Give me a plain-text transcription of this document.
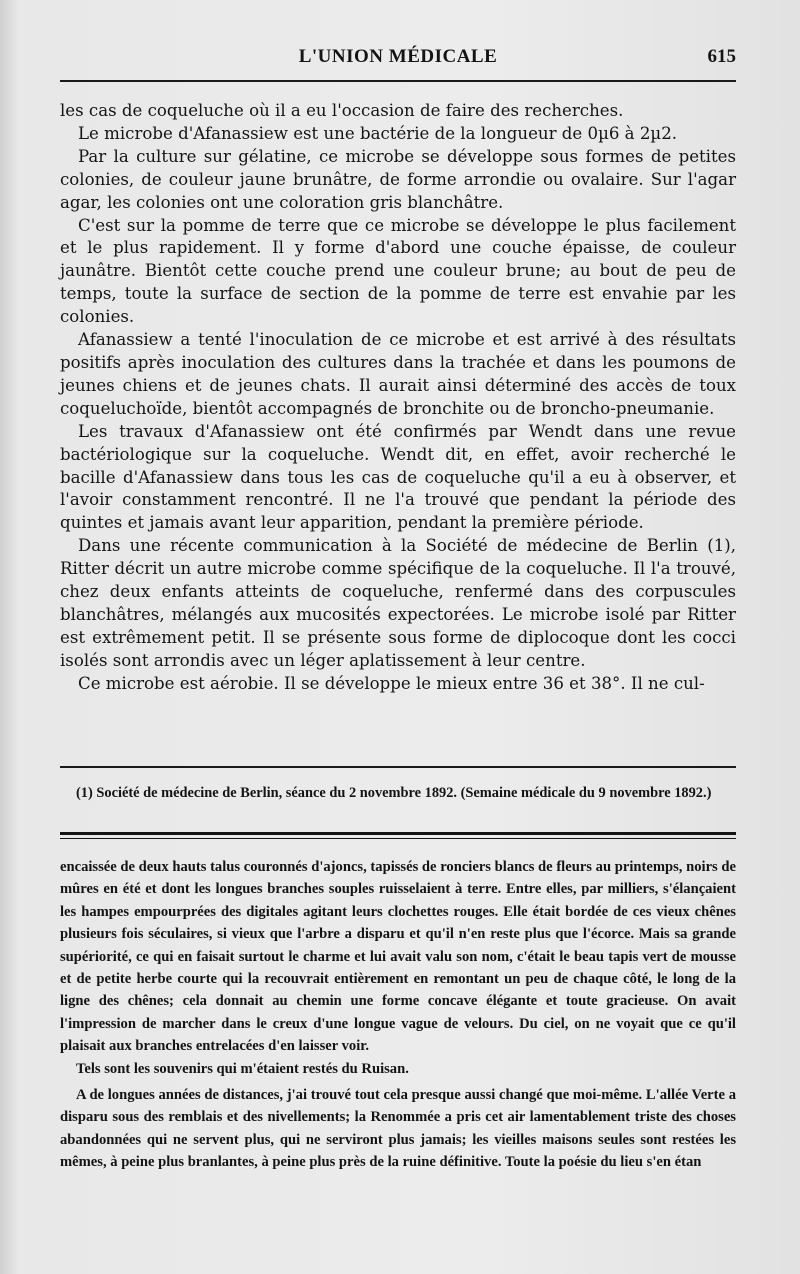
L'UNION MÉDICALE	615

les cas de coqueluche où il a eu l'occasion de faire des recherches.

Le microbe d'Afanassiew est une bactérie de la longueur de 0µ6 à 2µ2.

Par la culture sur gélatine, ce microbe se développe sous formes de petites colonies, de couleur jaune brunâtre, de forme arrondie ou ovalaire. Sur l'agar agar, les colonies ont une coloration gris blanchâtre.

C'est sur la pomme de terre que ce microbe se développe le plus facilement et le plus rapidement. Il y forme d'abord une couche épaisse, de couleur jaunâtre. Bientôt cette couche prend une couleur brune; au bout de peu de temps, toute la surface de section de la pomme de terre est envahie par les colonies.

Afanassiew a tenté l'inoculation de ce microbe et est arrivé à des résultats positifs après inoculation des cultures dans la trachée et dans les poumons de jeunes chiens et de jeunes chats. Il aurait ainsi déterminé des accès de toux coqueluchoïde, bientôt accompagnés de bronchite ou de broncho-pneumanie.

Les travaux d'Afanassiew ont été confirmés par Wendt dans une revue bactériologique sur la coqueluche. Wendt dit, en effet, avoir recherché le bacille d'Afanassiew dans tous les cas de coqueluche qu'il a eu à observer, et l'avoir constamment rencontré. Il ne l'a trouvé que pendant la période des quintes et jamais avant leur apparition, pendant la première période.

Dans une récente communication à la Société de médecine de Berlin (1), Ritter décrit un autre microbe comme spécifique de la coqueluche. Il l'a trouvé, chez deux enfants atteints de coqueluche, renfermé dans des corpuscules blanchâtres, mélangés aux mucosités expectorées. Le microbe isolé par Ritter est extrêmement petit. Il se présente sous forme de diplocoque dont les cocci isolés sont arrondis avec un léger aplatissement à leur centre.

Ce microbe est aérobie. Il se développe le mieux entre 36 et 38°. Il ne cul-

(1) Société de médecine de Berlin, séance du 2 novembre 1892. (Semaine médicale du 9 novembre 1892.)

encaissée de deux hauts talus couronnés d'ajoncs, tapissés de ronciers blancs de fleurs au printemps, noirs de mûres en été et dont les longues branches souples ruisselaient à terre. Entre elles, par milliers, s'élançaient les hampes empourprées des digitales agitant leurs clochettes rouges. Elle était bordée de ces vieux chênes plusieurs fois séculaires, si vieux que l'arbre a disparu et qu'il n'en reste plus que l'écorce. Mais sa grande supériorité, ce qui en faisait surtout le charme et lui avait valu son nom, c'était le beau tapis vert de mousse et de petite herbe courte qui la recouvrait entièrement en remontant un peu de chaque côté, le long de la ligne des chênes; cela donnait au chemin une forme concave élégante et toute gracieuse. On avait l'impression de marcher dans le creux d'une longue vague de velours. Du ciel, on ne voyait que ce qu'il plaisait aux branches entrelacées d'en laisser voir.

Tels sont les souvenirs qui m'étaient restés du Ruisan.

A de longues années de distances, j'ai trouvé tout cela presque aussi changé que moi-même. L'allée Verte a disparu sous des remblais et des nivellements; la Renommée a pris cet air lamentablement triste des choses abandonnées qui ne servent plus, qui ne serviront plus jamais; les vieilles maisons seules sont restées les mêmes, à peine plus branlantes, à peine plus près de la ruine définitive. Toute la poésie du lieu s'en étan
